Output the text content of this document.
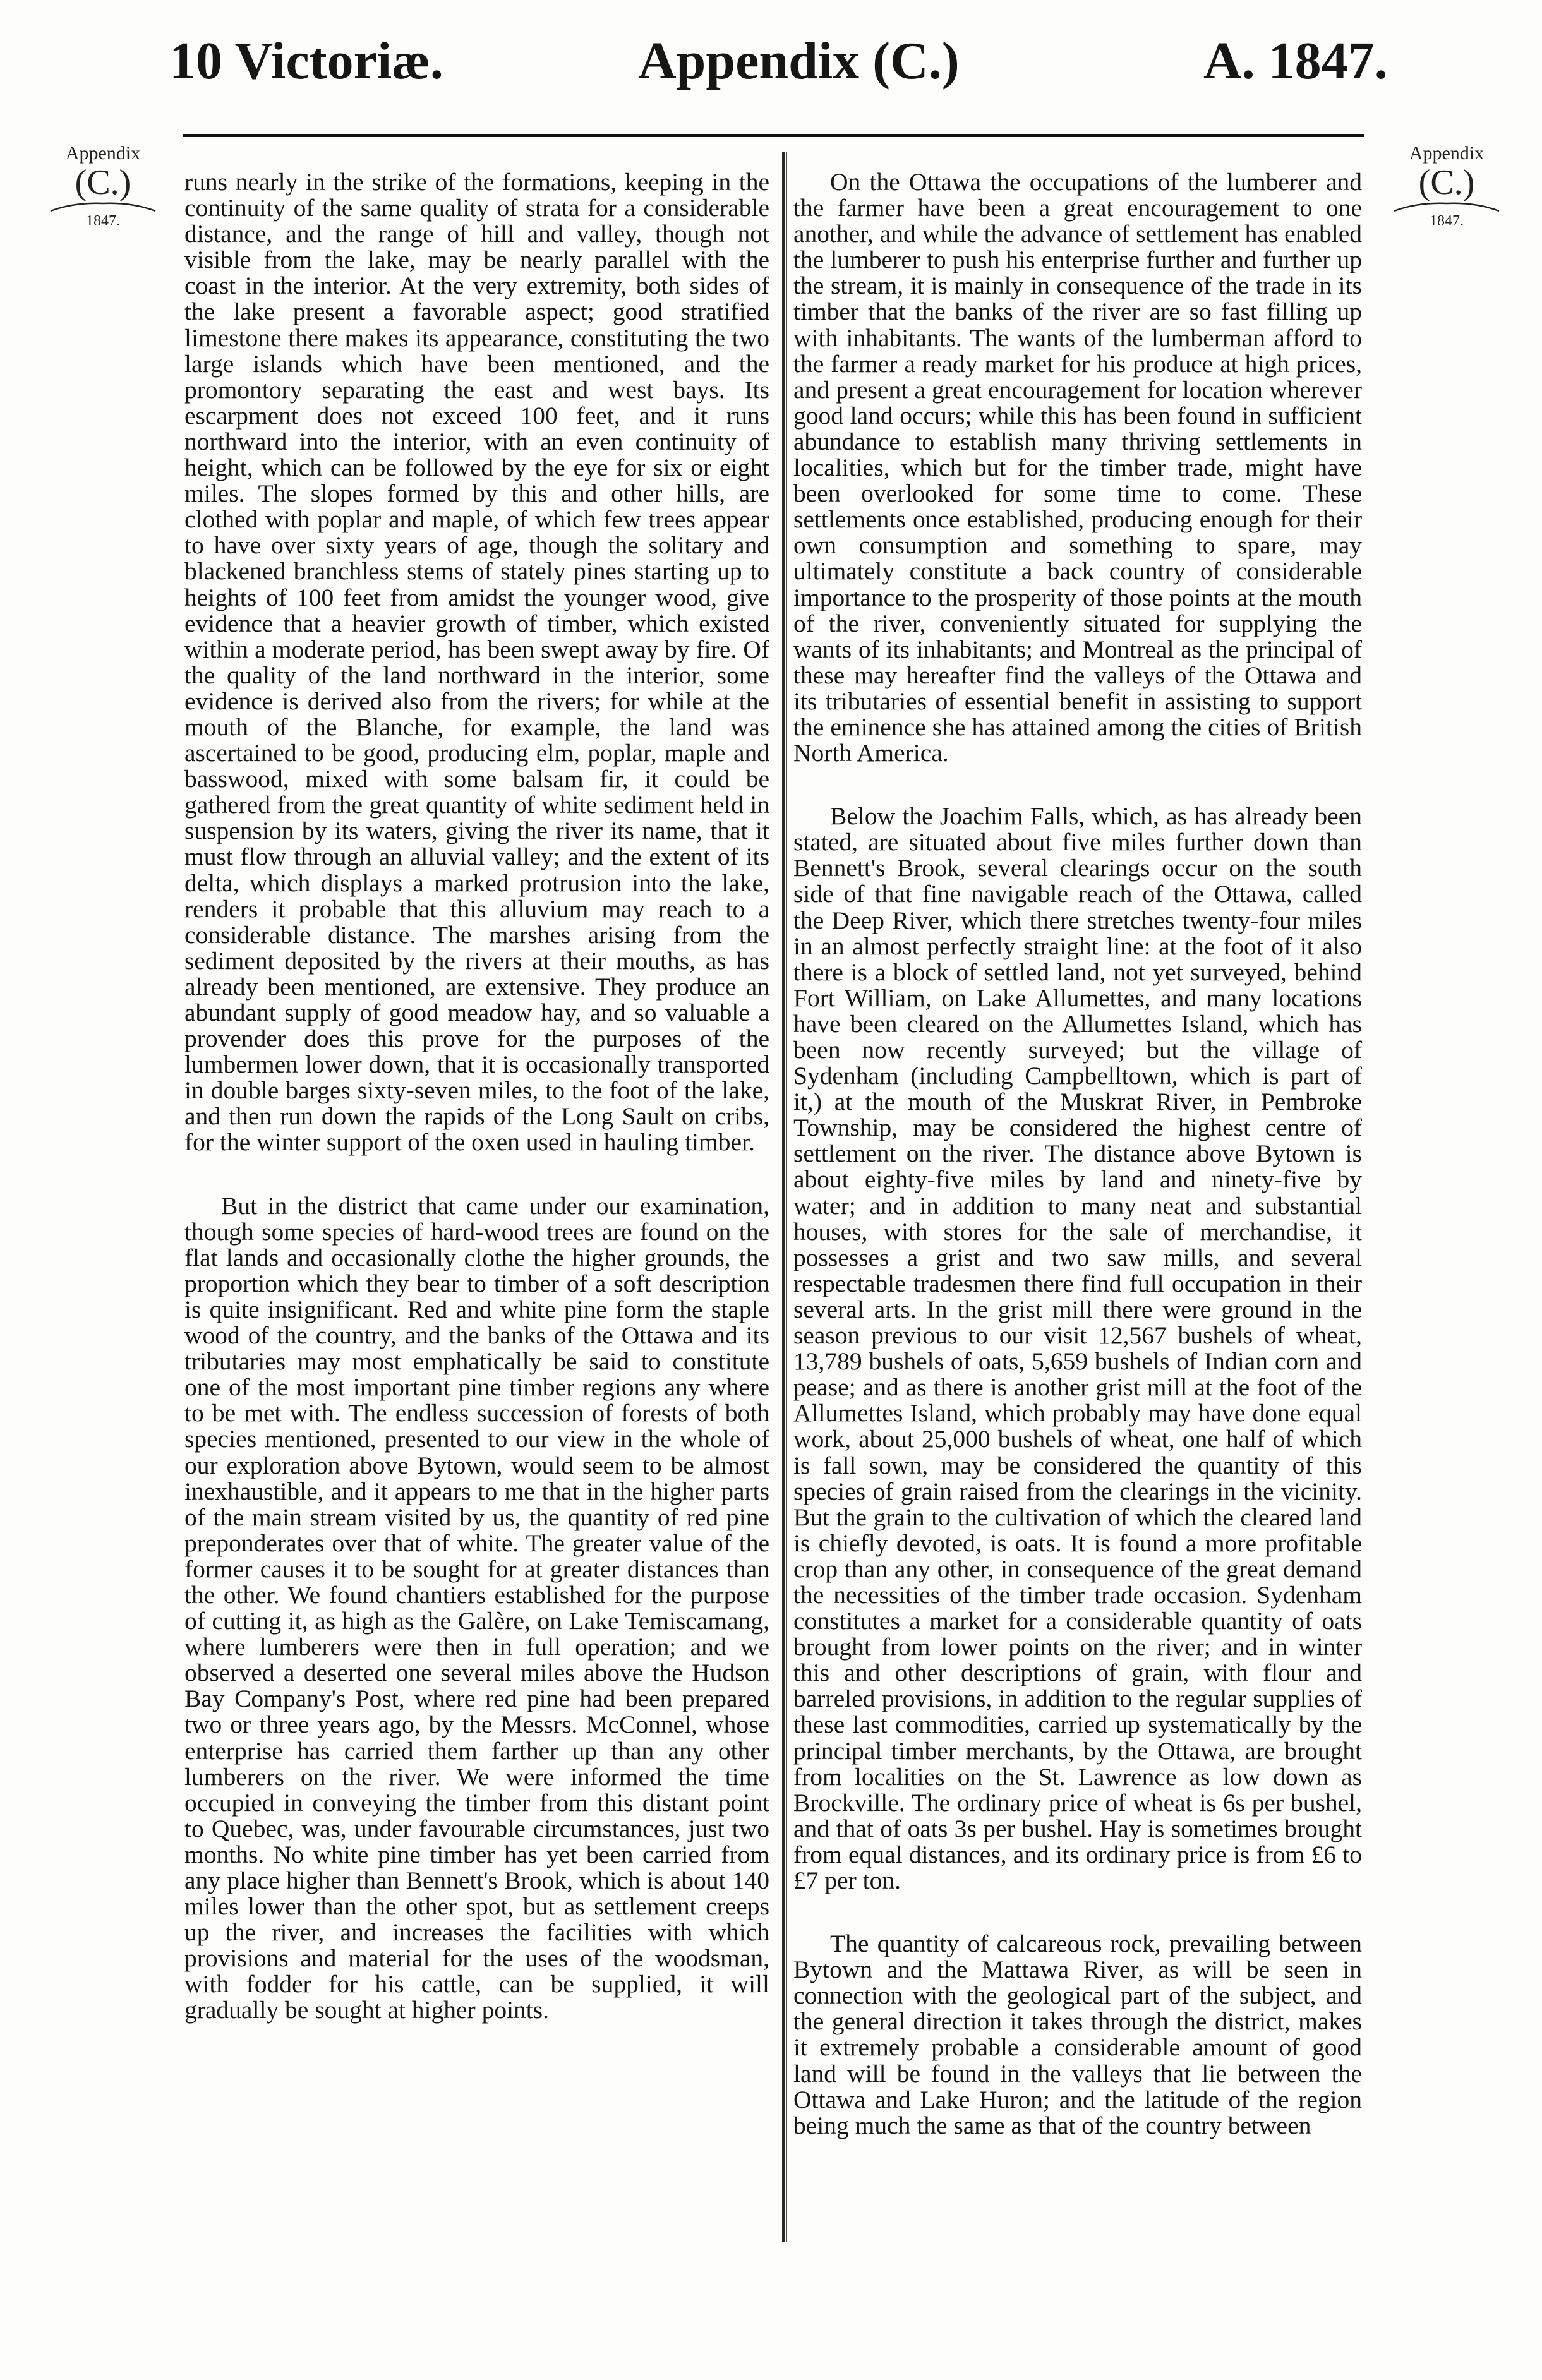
10 Victoriæ.	Appendix (C.)	A. 1847.
Appendix
(C.)
1847.
Appendix
(C.)
1847.

runs nearly in the strike of the formations, keeping in the continuity of the same quality of strata for a considerable distance, and the range of hill and valley, though not visible from the lake, may be nearly parallel with the coast in the interior. At the very extremity, both sides of the lake present a favorable aspect; good stratified limestone there makes its appearance, constituting the two large islands which have been mentioned, and the promontory separating the east and west bays. Its escarpment does not exceed 100 feet, and it runs northward into the interior, with an even continuity of height, which can be followed by the eye for six or eight miles. The slopes formed by this and other hills, are clothed with poplar and maple, of which few trees appear to have over sixty years of age, though the solitary and blackened branchless stems of stately pines starting up to heights of 100 feet from amidst the younger wood, give evidence that a heavier growth of timber, which existed within a moderate period, has been swept away by fire. Of the quality of the land northward in the interior, some evidence is derived also from the rivers; for while at the mouth of the Blanche, for example, the land was ascertained to be good, producing elm, poplar, maple and basswood, mixed with some balsam fir, it could be gathered from the great quantity of white sediment held in suspension by its waters, giving the river its name, that it must flow through an alluvial valley; and the extent of its delta, which displays a marked protrusion into the lake, renders it probable that this alluvium may reach to a considerable distance. The marshes arising from the sediment deposited by the rivers at their mouths, as has already been mentioned, are extensive. They produce an abundant supply of good meadow hay, and so valuable a provender does this prove for the purposes of the lumbermen lower down, that it is occasionally transported in double barges sixty-seven miles, to the foot of the lake, and then run down the rapids of the Long Sault on cribs, for the winter support of the oxen used in hauling timber.

But in the district that came under our examination, though some species of hard-wood trees are found on the flat lands and occasionally clothe the higher grounds, the proportion which they bear to timber of a soft description is quite insignificant. Red and white pine form the staple wood of the country, and the banks of the Ottawa and its tributaries may most emphatically be said to constitute one of the most important pine timber regions any where to be met with. The endless succession of forests of both species mentioned, presented to our view in the whole of our exploration above Bytown, would seem to be almost inexhaustible, and it appears to me that in the higher parts of the main stream visited by us, the quantity of red pine preponderates over that of white. The greater value of the former causes it to be sought for at greater distances than the other. We found chantiers established for the purpose of cutting it, as high as the Galère, on Lake Temiscamang, where lumberers were then in full operation; and we observed a deserted one several miles above the Hudson Bay Company's Post, where red pine had been prepared two or three years ago, by the Messrs. McConnel, whose enterprise has carried them farther up than any other lumberers on the river. We were informed the time occupied in conveying the timber from this distant point to Quebec, was, under favourable circumstances, just two months. No white pine timber has yet been carried from any place higher than Bennett's Brook, which is about 140 miles lower than the other spot, but as settlement creeps up the river, and increases the facilities with which provisions and material for the uses of the woodsman, with fodder for his cattle, can be supplied, it will gradually be sought at higher points.

On the Ottawa the occupations of the lumberer and the farmer have been a great encouragement to one another, and while the advance of settlement has enabled the lumberer to push his enterprise further and further up the stream, it is mainly in consequence of the trade in its timber that the banks of the river are so fast filling up with inhabitants. The wants of the lumberman afford to the farmer a ready market for his produce at high prices, and present a great encouragement for location wherever good land occurs; while this has been found in sufficient abundance to establish many thriving settlements in localities, which but for the timber trade, might have been overlooked for some time to come. These settlements once established, producing enough for their own consumption and something to spare, may ultimately constitute a back country of considerable importance to the prosperity of those points at the mouth of the river, conveniently situated for supplying the wants of its inhabitants; and Montreal as the principal of these may hereafter find the valleys of the Ottawa and its tributaries of essential benefit in assisting to support the eminence she has attained among the cities of British North America.

Below the Joachim Falls, which, as has already been stated, are situated about five miles further down than Bennett's Brook, several clearings occur on the south side of that fine navigable reach of the Ottawa, called the Deep River, which there stretches twenty-four miles in an almost perfectly straight line: at the foot of it also there is a block of settled land, not yet surveyed, behind Fort William, on Lake Allumettes, and many locations have been cleared on the Allumettes Island, which has been now recently surveyed; but the village of Sydenham (including Campbelltown, which is part of it,) at the mouth of the Muskrat River, in Pembroke Township, may be considered the highest centre of settlement on the river. The distance above Bytown is about eighty-five miles by land and ninety-five by water; and in addition to many neat and substantial houses, with stores for the sale of merchandise, it possesses a grist and two saw mills, and several respectable tradesmen there find full occupation in their several arts. In the grist mill there were ground in the season previous to our visit 12,567 bushels of wheat, 13,789 bushels of oats, 5,659 bushels of Indian corn and pease; and as there is another grist mill at the foot of the Allumettes Island, which probably may have done equal work, about 25,000 bushels of wheat, one half of which is fall sown, may be considered the quantity of this species of grain raised from the clearings in the vicinity. But the grain to the cultivation of which the cleared land is chiefly devoted, is oats. It is found a more profitable crop than any other, in consequence of the great demand the necessities of the timber trade occasion. Sydenham constitutes a market for a considerable quantity of oats brought from lower points on the river; and in winter this and other descriptions of grain, with flour and barreled provisions, in addition to the regular supplies of these last commodities, carried up systematically by the principal timber merchants, by the Ottawa, are brought from localities on the St. Lawrence as low down as Brockville. The ordinary price of wheat is 6s per bushel, and that of oats 3s per bushel. Hay is sometimes brought from equal distances, and its ordinary price is from £6 to £7 per ton.

The quantity of calcareous rock, prevailing between Bytown and the Mattawa River, as will be seen in connection with the geological part of the subject, and the general direction it takes through the district, makes it extremely probable a considerable amount of good land will be found in the valleys that lie between the Ottawa and Lake Huron; and the latitude of the region being much the same as that of the country between
